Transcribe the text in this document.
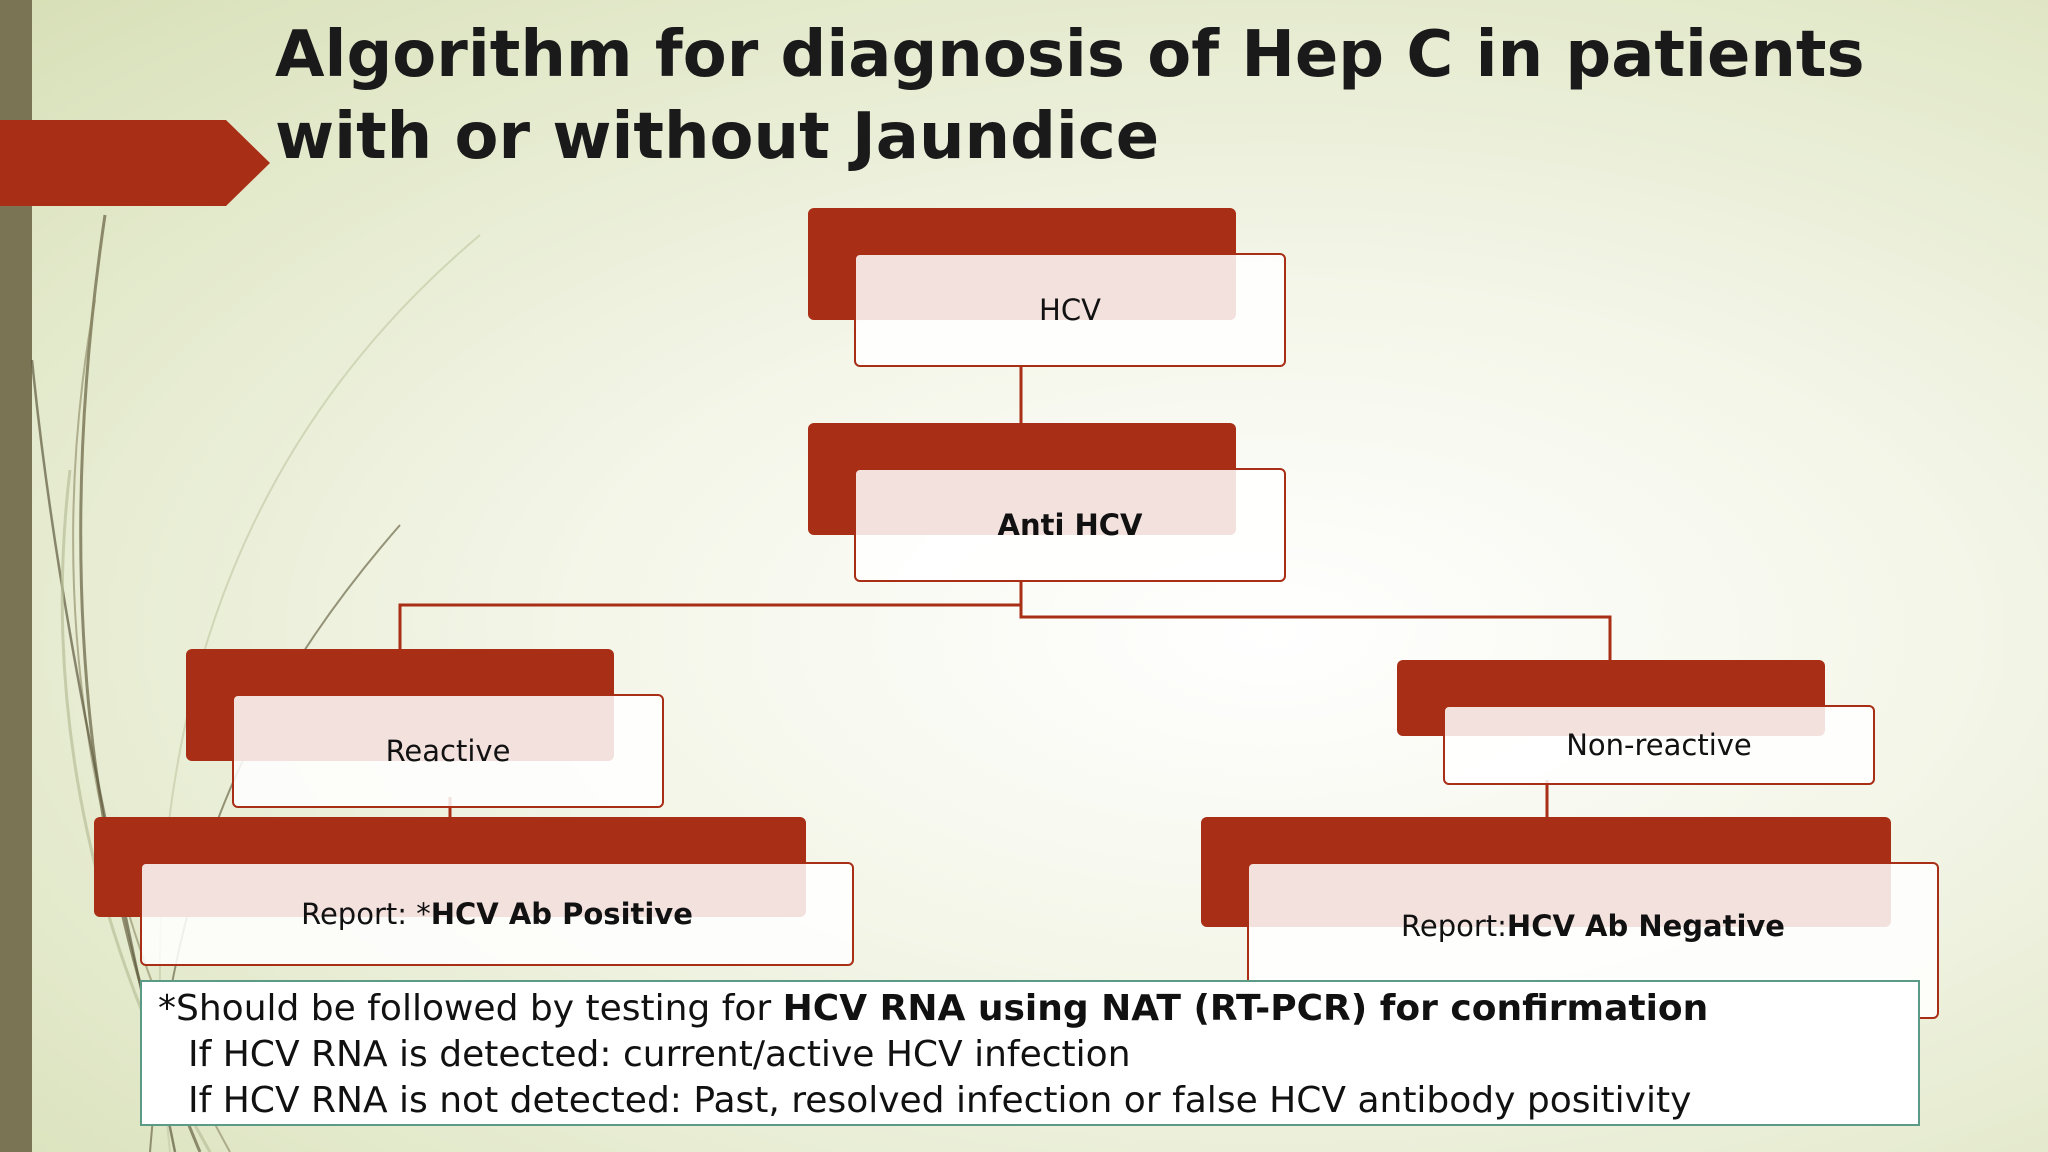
Algorithm for diagnosis of Hep C in patients with or without Jaundice
HCV
Anti HCV
Reactive	Non-reactive
Report: * HCV Ab Positive	Report: HCV Ab Negative
*Should be followed by testing for HCV RNA using NAT (RT-PCR) for confirmation
If HCV RNA is detected: current/active HCV infection
If HCV RNA is not detected: Past, resolved infection or false HCV antibody positivity
